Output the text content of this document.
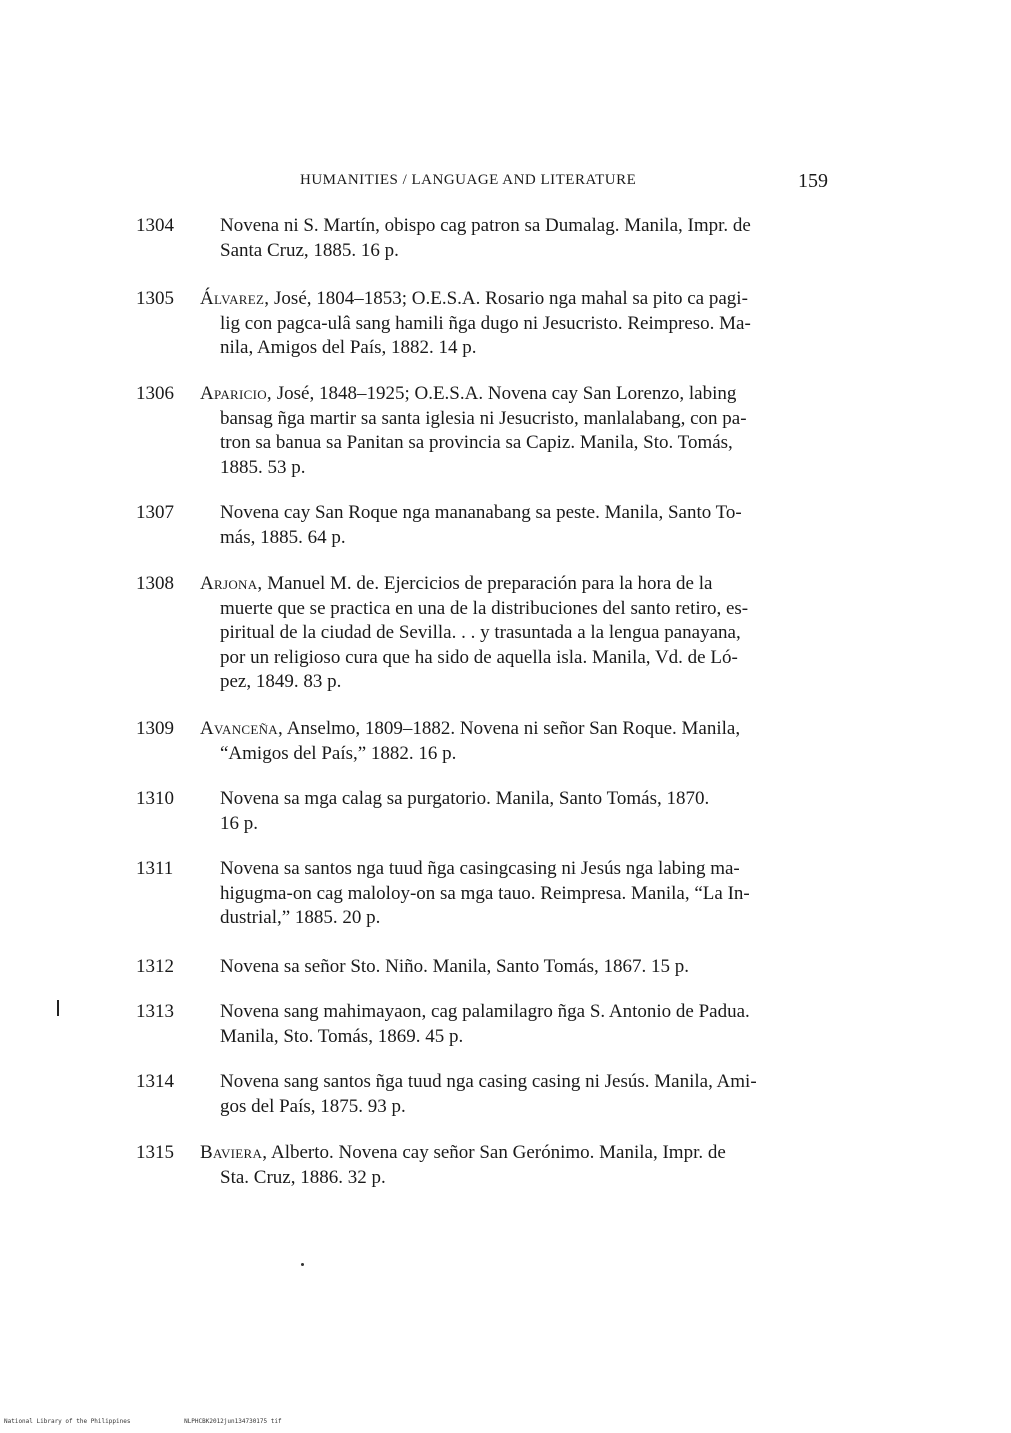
HUMANITIES / LANGUAGE AND LITERATURE	159
1304	Novena ni S. Martín, obispo cag patron sa Dumalag. Manila, Impr. de
Santa Cruz, 1885. 16 p.
1305	Álvarez, José, 1804–1853; O.E.S.A. Rosario nga mahal sa pito ca pagi-
lig con pagca-ulâ sang hamili ñga dugo ni Jesucristo. Reimpreso. Ma-
nila, Amigos del País, 1882. 14 p.
1306	Aparicio, José, 1848–1925; O.E.S.A. Novena cay San Lorenzo, labing
bansag ñga martir sa santa iglesia ni Jesucristo, manlalabang, con pa-
tron sa banua sa Panitan sa provincia sa Capiz. Manila, Sto. Tomás,
1885. 53 p.
1307	Novena cay San Roque nga mananabang sa peste. Manila, Santo To-
más, 1885. 64 p.
1308	Arjona, Manuel M. de. Ejercicios de preparación para la hora de la
muerte que se practica en una de la distribuciones del santo retiro, es-
piritual de la ciudad de Sevilla. . . y trasuntada a la lengua panayana,
por un religioso cura que ha sido de aquella isla. Manila, Vd. de Ló-
pez, 1849. 83 p.
1309	Avanceña, Anselmo, 1809–1882. Novena ni señor San Roque. Manila,
“Amigos del País,” 1882. 16 p.
1310	Novena sa mga calag sa purgatorio. Manila, Santo Tomás, 1870.
16 p.
1311	Novena sa santos nga tuud ñga casingcasing ni Jesús nga labing ma-
higugma-on cag maloloy-on sa mga tauo. Reimpresa. Manila, “La In-
dustrial,” 1885. 20 p.
1312	Novena sa señor Sto. Niño. Manila, Santo Tomás, 1867. 15 p.
1313	Novena sang mahimayaon, cag palamilagro ñga S. Antonio de Padua.
Manila, Sto. Tomás, 1869. 45 p.
1314	Novena sang santos ñga tuud nga casing casing ni Jesús. Manila, Ami-
gos del País, 1875. 93 p.
1315	Baviera, Alberto. Novena cay señor San Gerónimo. Manila, Impr. de
Sta. Cruz, 1886. 32 p.
National Library of the Philippines	NLPHCBK2012jun134730175 tif
